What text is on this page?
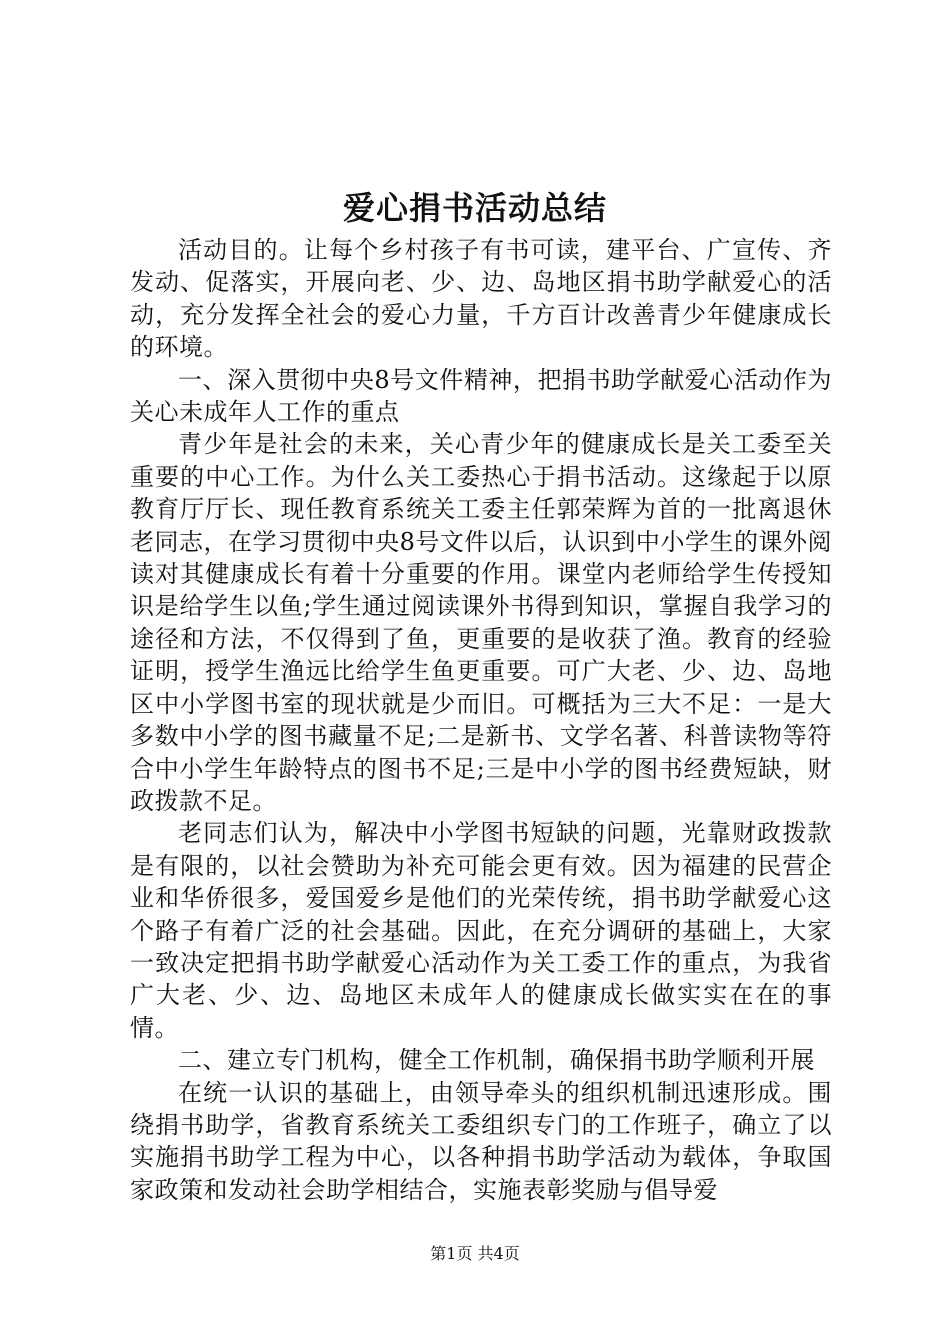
爱心捐书活动总结

活动目的。让每个乡村孩子有书可读，建平台、广宣传、齐发动、促落实，开展向老、少、边、岛地区捐书助学献爱心的活动，充分发挥全社会的爱心力量，千方百计改善青少年健康成长的环境。

一、深入贯彻中央8号文件精神，把捐书助学献爱心活动作为关心未成年人工作的重点

青少年是社会的未来，关心青少年的健康成长是关工委至关重要的中心工作。为什么关工委热心于捐书活动。这缘起于以原教育厅厅长、现任教育系统关工委主任郭荣辉为首的一批离退休老同志，在学习贯彻中央8号文件以后，认识到中小学生的课外阅读对其健康成长有着十分重要的作用。课堂内老师给学生传授知识是给学生以鱼;学生通过阅读课外书得到知识，掌握自我学习的途径和方法，不仅得到了鱼，更重要的是收获了渔。教育的经验证明，授学生渔远比给学生鱼更重要。可广大老、少、边、岛地区中小学图书室的现状就是少而旧。可概括为三大不足：一是大多数中小学的图书藏量不足;二是新书、文学名著、科普读物等符合中小学生年龄特点的图书不足;三是中小学的图书经费短缺，财政拨款不足。

老同志们认为，解决中小学图书短缺的问题，光靠财政拨款是有限的，以社会赞助为补充可能会更有效。因为福建的民营企业和华侨很多，爱国爱乡是他们的光荣传统，捐书助学献爱心这个路子有着广泛的社会基础。因此，在充分调研的基础上，大家一致决定把捐书助学献爱心活动作为关工委工作的重点，为我省广大老、少、边、岛地区未成年人的健康成长做实实在在的事情。

二、建立专门机构，健全工作机制，确保捐书助学顺利开展

在统一认识的基础上，由领导牵头的组织机制迅速形成。围绕捐书助学，省教育系统关工委组织专门的工作班子，确立了以实施捐书助学工程为中心，以各种捐书助学活动为载体，争取国家政策和发动社会助学相结合，实施表彰奖励与倡导爱

第1页 共4页
